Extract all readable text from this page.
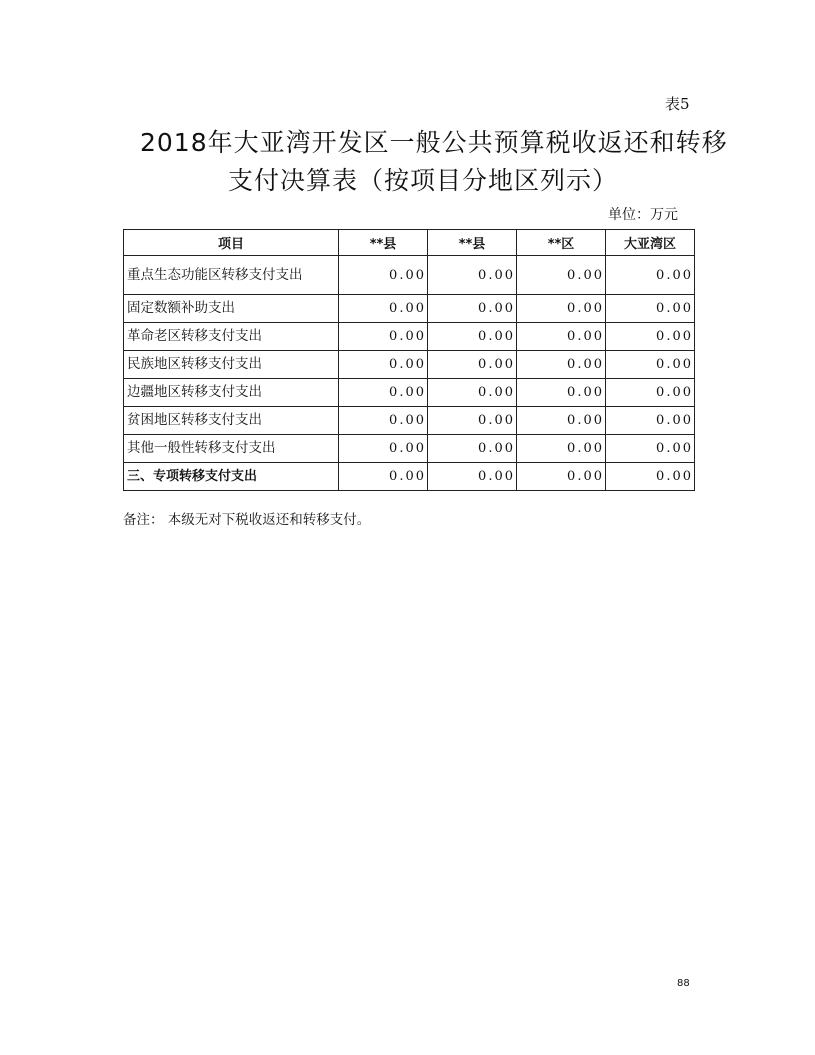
表5
2018年大亚湾开发区一般公共预算税收返还和转移
支付决算表（按项目分地区列示）
单位：万元
项目	**县	**县	**区	大亚湾区
重点生态功能区转移支付支出	0.00	0.00	0.00	0.00
固定数额补助支出	0.00	0.00	0.00	0.00
革命老区转移支付支出	0.00	0.00	0.00	0.00
民族地区转移支付支出	0.00	0.00	0.00	0.00
边疆地区转移支付支出	0.00	0.00	0.00	0.00
贫困地区转移支付支出	0.00	0.00	0.00	0.00
其他一般性转移支付支出	0.00	0.00	0.00	0.00
三、专项转移支付支出	0.00	0.00	0.00	0.00
备注： 本级无对下税收返还和转移支付。
88
